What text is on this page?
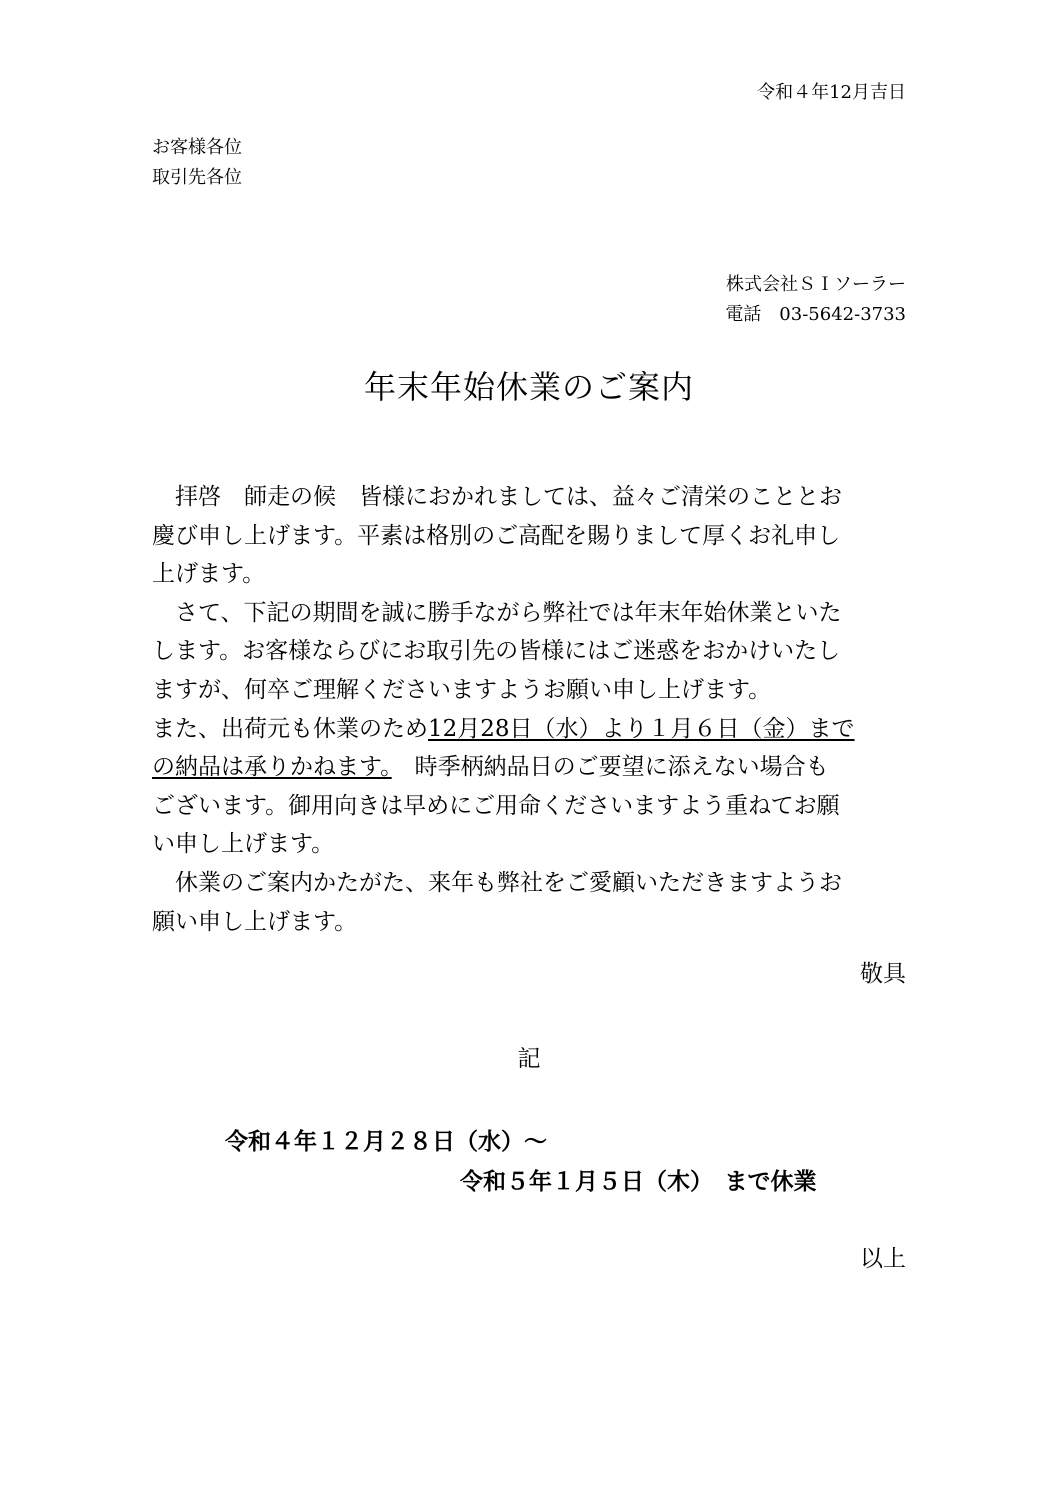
令和４年12月吉日
お客様各位
取引先各位
株式会社ＳＩソーラー
電話　03-5642-3733
年末年始休業のご案内

　拝啓　師走の候　皆様におかれましては、益々ご清栄のこととお

慶び申し上げます。平素は格別のご高配を賜りまして厚くお礼申し

上げます。

　さて、下記の期間を誠に勝手ながら弊社では年末年始休業といた

します。お客様ならびにお取引先の皆様にはご迷惑をおかけいたし

ますが、何卒ご理解くださいますようお願い申し上げます。

また、出荷元も休業のため12月28日（水）より１月６日（金）まで

の納品は承りかねます。　時季柄納品日のご要望に添えない場合も

ございます。御用向きは早めにご用命くださいますよう重ねてお願

い申し上げます。

　休業のご案内かたがた、来年も弊社をご愛顧いただきますようお

願い申し上げます。

敬具
記
令和４年１２月２８日（水）～
令和５年１月５日（木）　まで休業
以上
